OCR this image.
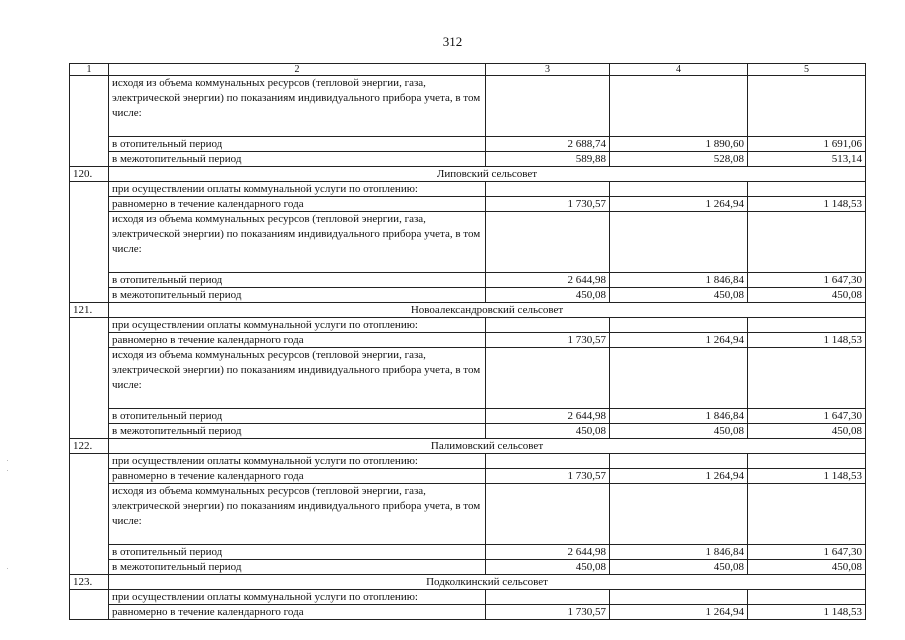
312
1	2	3	4	5
	исходя из объема коммунальных ресурсов (тепловой энергии, газа, электрической энергии) по показаниям индивидуального прибора учета, в том числе:			
	в отопительный период	2 688,74	1 890,60	1 691,06
	в межотопительный период	589,88	528,08	513,14
120.	Липовский сельсовет			
	при осуществлении оплаты коммунальной услуги по отоплению:			
	равномерно в течение календарного года	1 730,57	1 264,94	1 148,53
	исходя из объема коммунальных ресурсов (тепловой энергии, газа, электрической энергии) по показаниям индивидуального прибора учета, в том числе:			
	в отопительный период	2 644,98	1 846,84	1 647,30
	в межотопительный период	450,08	450,08	450,08
121.	Новоалександровский сельсовет			
	при осуществлении оплаты коммунальной услуги по отоплению:			
	равномерно в течение календарного года	1 730,57	1 264,94	1 148,53
	исходя из объема коммунальных ресурсов (тепловой энергии, газа, электрической энергии) по показаниям индивидуального прибора учета, в том числе:			
	в отопительный период	2 644,98	1 846,84	1 647,30
	в межотопительный период	450,08	450,08	450,08
122.	Палимовский сельсовет			
	при осуществлении оплаты коммунальной услуги по отоплению:			
	равномерно в течение календарного года	1 730,57	1 264,94	1 148,53
	исходя из объема коммунальных ресурсов (тепловой энергии, газа, электрической энергии) по показаниям индивидуального прибора учета, в том числе:			
	в отопительный период	2 644,98	1 846,84	1 647,30
	в межотопительный период	450,08	450,08	450,08
123.	Подколкинский сельсовет			
	при осуществлении оплаты коммунальной услуги по отоплению:			
	равномерно в течение календарного года	1 730,57	1 264,94	1 148,53
